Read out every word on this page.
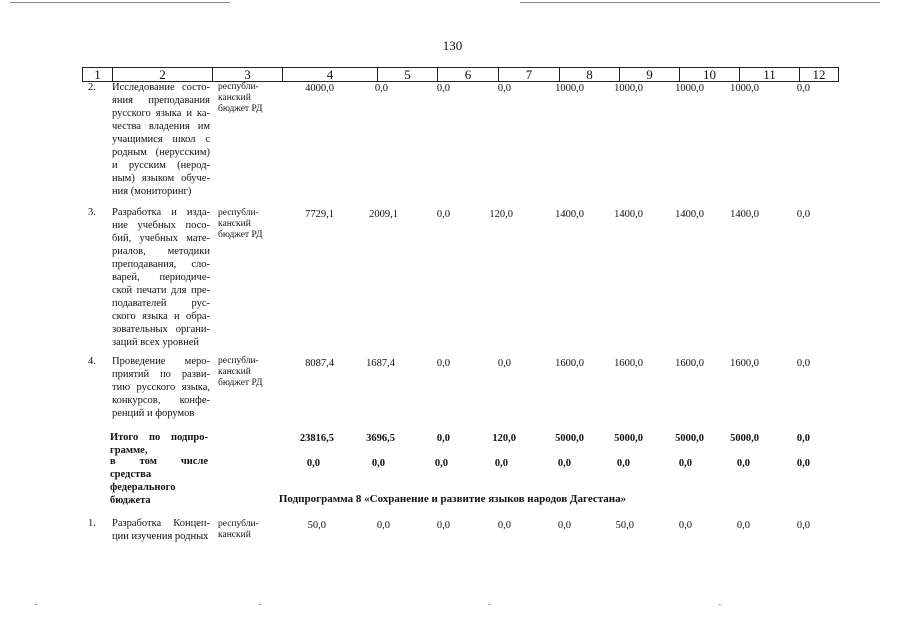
130
1	2	3	4	5	6	7	8	9	10	11	12
2. Исследование состо-яния преподавания русского языка и ка-чества владения им учащимися школ с родным (нерусским) и русским (нерод-ным) языком обуче-ния (мониторинг)
республи-канский бюджет РД
4000,0	0,0	0,0	0,0	1000,0	1000,0	1000,0	1000,0	0,0
3. Разработка и изда-ние учебных посо-бий, учебных мате-риалов, методики преподавания, сло-варей, периодиче-ской печати для пре-подавателей рус-ского языка и обра-зовательных органи-заций всех уровней
республи-канский бюджет РД
7729,1	2009,1	0,0	120,0	1400,0	1400,0	1400,0	1400,0	0,0
4. Проведение меро-приятий по разви-тию русского языка, конкурсов, конфе-ренций и форумов
республи-канский бюджет РД
8087,4	1687,4	0,0	0,0	1600,0	1600,0	1600,0	1600,0	0,0
Итого по подпро-грамме,
23816,5	3696,5	0,0	120,0	5000,0	5000,0	5000,0	5000,0	0,0
в том числе средства федерального бюджета
0,0	0,0	0,0	0,0	0,0	0,0	0,0	0,0	0,0
Подпрограмма 8 «Сохранение и развитие языков народов Дагестана»
1. Разработка Концеп-ции изучения родных
республи-канский
50,0	0,0	0,0	0,0	0,0	50,0	0,0	0,0	0,0
